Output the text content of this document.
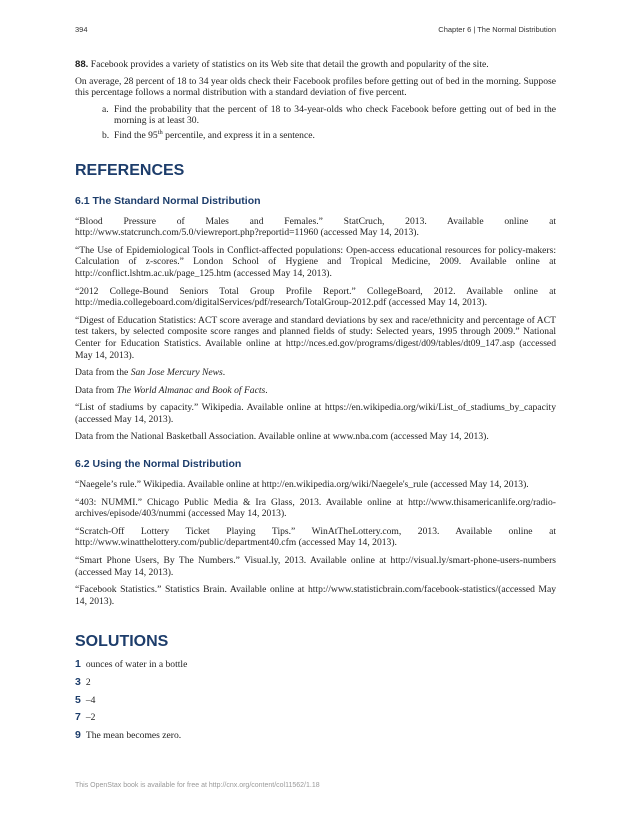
394	Chapter 6 | The Normal Distribution

88. Facebook provides a variety of statistics on its Web site that detail the growth and popularity of the site.

On average, 28 percent of 18 to 34 year olds check their Facebook profiles before getting out of bed in the morning. Suppose this percentage follows a normal distribution with a standard deviation of five percent.

a. Find the probability that the percent of 18 to 34-year-olds who check Facebook before getting out of bed in the morning is at least 30.
b. Find the 95th percentile, and express it in a sentence.
REFERENCES
6.1 The Standard Normal Distribution

“Blood Pressure of Males and Females.” StatCruch, 2013. Available online at http://www.statcrunch.com/5.0/viewreport.php?reportid=11960 (accessed May 14, 2013).

“The Use of Epidemiological Tools in Conflict-affected populations: Open-access educational resources for policy-makers: Calculation of z-scores.” London School of Hygiene and Tropical Medicine, 2009. Available online at http://conflict.lshtm.ac.uk/page_125.htm (accessed May 14, 2013).

“2012 College-Bound Seniors Total Group Profile Report.” CollegeBoard, 2012. Available online at http://media.collegeboard.com/digitalServices/pdf/research/TotalGroup-2012.pdf (accessed May 14, 2013).

“Digest of Education Statistics: ACT score average and standard deviations by sex and race/ethnicity and percentage of ACT test takers, by selected composite score ranges and planned fields of study: Selected years, 1995 through 2009.” National Center for Education Statistics. Available online at http://nces.ed.gov/programs/digest/d09/tables/dt09_147.asp (accessed May 14, 2013).

Data from the San Jose Mercury News.

Data from The World Almanac and Book of Facts.

“List of stadiums by capacity.” Wikipedia. Available online at https://en.wikipedia.org/wiki/List_of_stadiums_by_capacity (accessed May 14, 2013).

Data from the National Basketball Association. Available online at www.nba.com (accessed May 14, 2013).

6.2 Using the Normal Distribution

“Naegele’s rule.” Wikipedia. Available online at http://en.wikipedia.org/wiki/Naegele's_rule (accessed May 14, 2013).

“403: NUMMI.” Chicago Public Media & Ira Glass, 2013. Available online at http://www.thisamericanlife.org/radio-archives/episode/403/nummi (accessed May 14, 2013).

“Scratch-Off Lottery Ticket Playing Tips.” WinAtTheLottery.com, 2013. Available online at http://www.winatthelottery.com/public/department40.cfm (accessed May 14, 2013).

“Smart Phone Users, By The Numbers.” Visual.ly, 2013. Available online at http://visual.ly/smart-phone-users-numbers (accessed May 14, 2013).

“Facebook Statistics.” Statistics Brain. Available online at http://www.statisticbrain.com/facebook-statistics/(accessed May 14, 2013).

SOLUTIONS

1 ounces of water in a bottle

3 2

5 –4

7 –2

9 The mean becomes zero.

This OpenStax book is available for free at http://cnx.org/content/col11562/1.18
